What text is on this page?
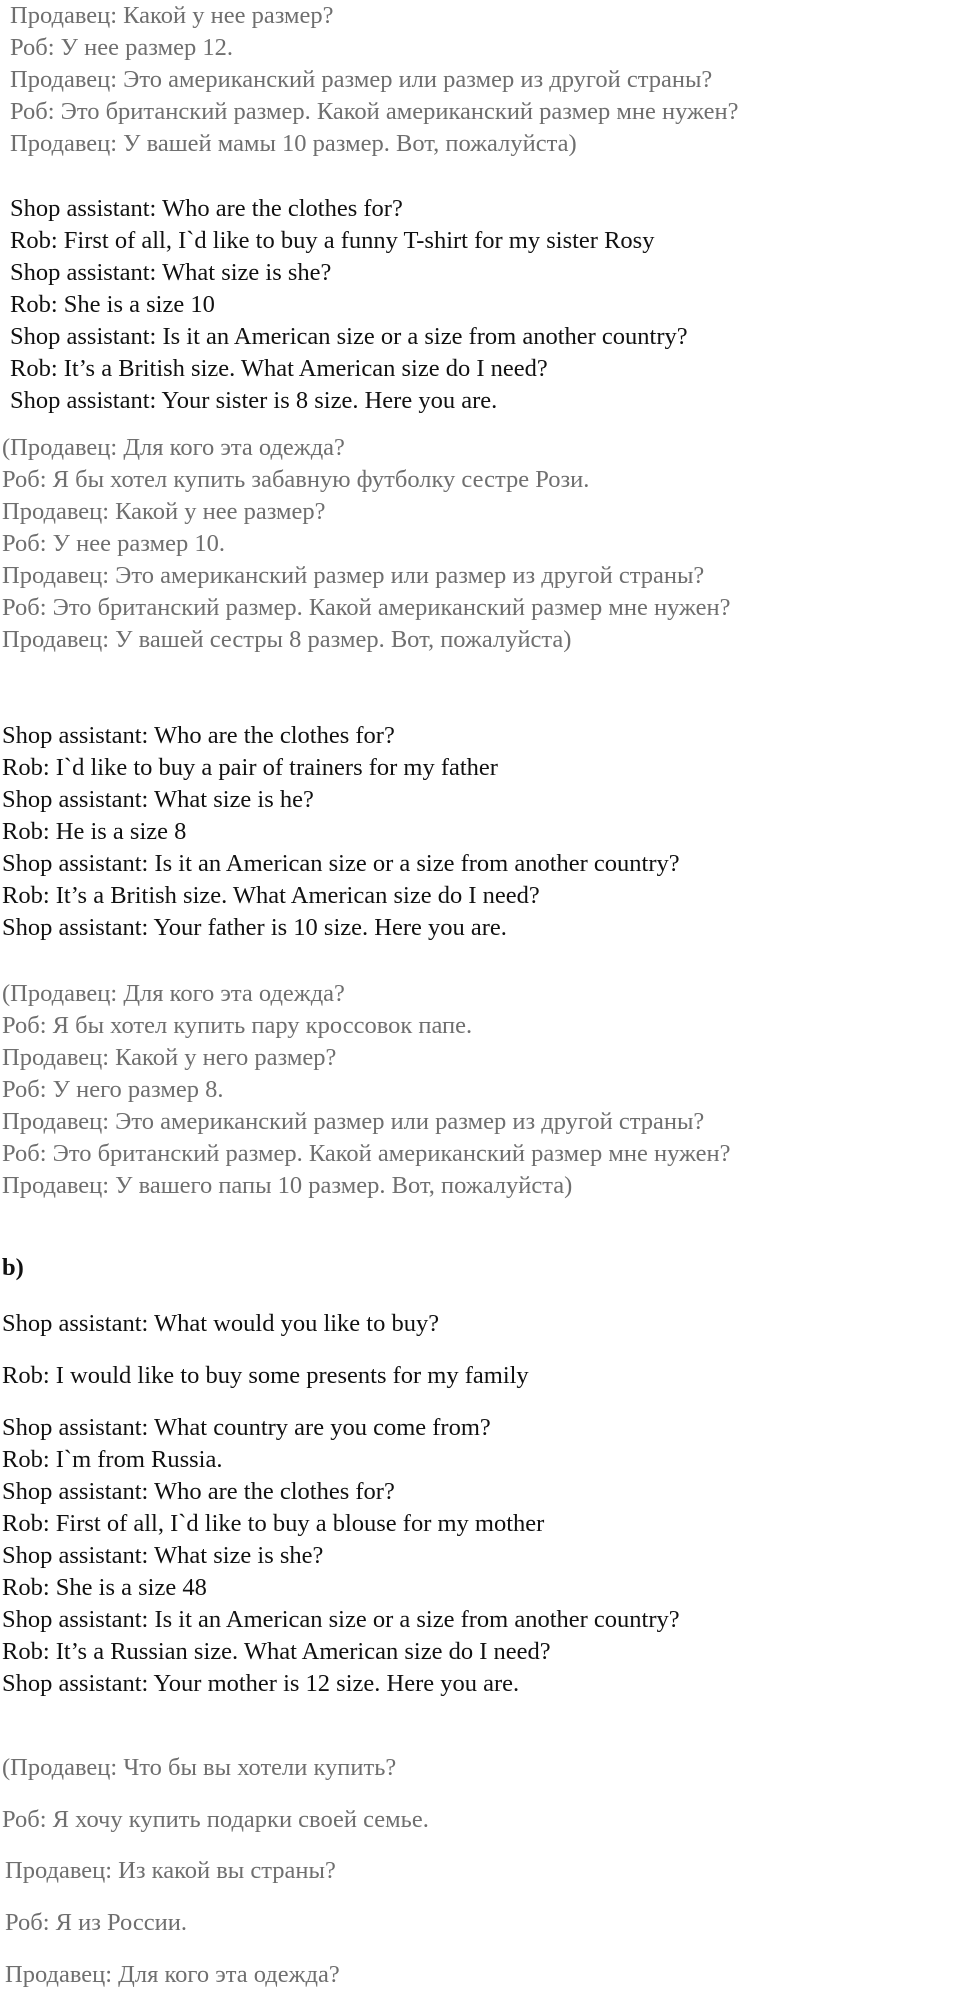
Продавец: Какой у нее размер?
Роб: У нее размер 12.
Продавец: Это американский размер или размер из другой страны?
Роб: Это британский размер. Какой американский размер мне нужен?
Продавец: У вашей мамы 10 размер. Вот, пожалуйста)
Shop assistant: Who are the clothes for?
Rob: First of all, I`d like to buy a funny T-shirt for my sister Rosy
Shop assistant: What size is she?
Rob: She is a size 10
Shop assistant: Is it an American size or a size from another country?
Rob: It’s a British size. What American size do I need?
Shop assistant: Your sister is 8 size. Here you are.
(Продавец: Для кого эта одежда?
Роб: Я бы хотел купить забавную футболку сестре Рози.
Продавец: Какой у нее размер?
Роб: У нее размер 10.
Продавец: Это американский размер или размер из другой страны?
Роб: Это британский размер. Какой американский размер мне нужен?
Продавец: У вашей сестры 8 размер. Вот, пожалуйста)
Shop assistant: Who are the clothes for?
Rob: I`d like to buy a pair of trainers for my father
Shop assistant: What size is he?
Rob: He is a size 8
Shop assistant: Is it an American size or a size from another country?
Rob: It’s a British size. What American size do I need?
Shop assistant: Your father is 10 size. Here you are.
(Продавец: Для кого эта одежда?
Роб: Я бы хотел купить пару кроссовок папе.
Продавец: Какой у него размер?
Роб: У него размер 8.
Продавец: Это американский размер или размер из другой страны?
Роб: Это британский размер. Какой американский размер мне нужен?
Продавец: У вашего папы 10 размер. Вот, пожалуйста)
b)
Shop assistant: What would you like to buy?
Rob: I would like to buy some presents for my family
Shop assistant: What country are you come from?
Rob: I`m from Russia.
Shop assistant: Who are the clothes for?
Rob: First of all, I`d like to buy a blouse for my mother
Shop assistant: What size is she?
Rob: She is a size 48
Shop assistant: Is it an American size or a size from another country?
Rob: It’s a Russian size. What American size do I need?
Shop assistant: Your mother is 12 size. Here you are.
(Продавец: Что бы вы хотели купить?
Роб: Я хочу купить подарки своей семье.
Продавец: Из какой вы страны?
Роб: Я из России.
Продавец: Для кого эта одежда?
